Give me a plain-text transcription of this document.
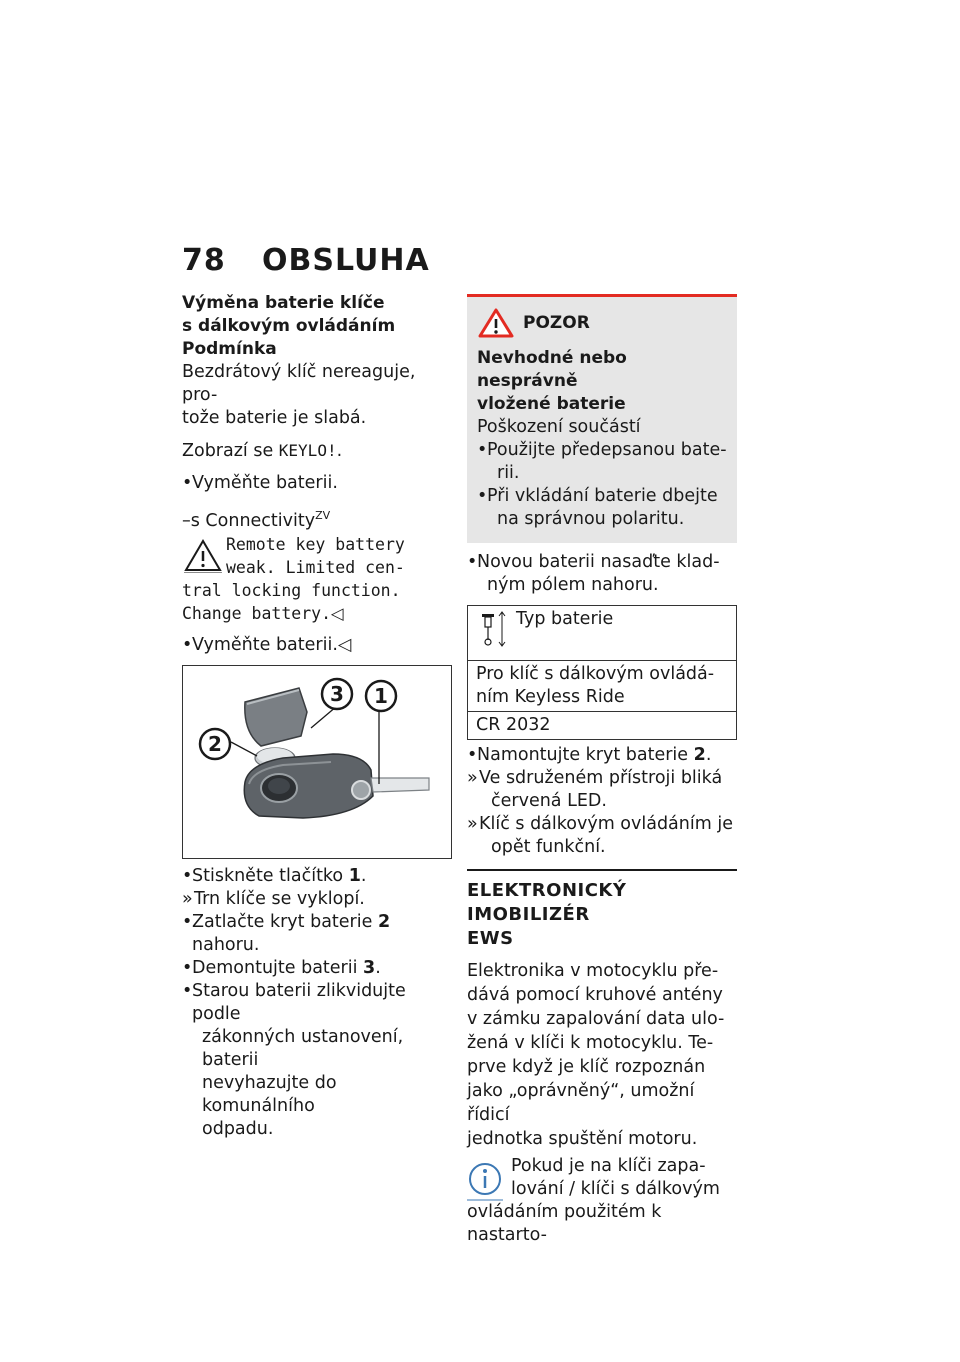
78 OBSLUHA

Výměna baterie klíče
s dálkovým ovládáním

Podmínka

Bezdrátový klíč nereaguje, pro-
tože baterie je slabá.

Zobrazí se KEYLO!.

• Vyměňte baterii.

–s Connectivity$^{ZV}$

Remote key battery
weak. Limited cen-
tral locking function.
Change battery.◁

• Vyměňte baterii.◁

3 1
2

• Stiskněte tlačítko 1.

» Trn klíče se vyklopí.

• Zatlačte kryt baterie 2 nahoru.

• Demontujte baterii 3.

• Starou baterii zlikvidujte podle
zákonných ustanovení, baterii
nevyhazujte do komunálního
odpadu.
POZOR

Nevhodné nebo nesprávně
vložené baterie

Poškození součástí

• Použijte předepsanou bate-
rii.
• Při vkládání baterie dbejte
na správnou polaritu.
• Novou baterii nasaďte klad-
ným pólem nahoru.
Typ baterie

Pro klíč s dálkovým ovládá-
ním Keyless Ride

CR 2032

• Namontujte kryt baterie 2.

» Ve sdruženém přístroji bliká
červená LED.
» Klíč s dálkovým ovládáním je
opět funkční.
ELEKTRONICKÝ IMOBILIZÉR
EWS
Elektronika v motocyklu pře-
dává pomocí kruhové antény
v zámku zapalování data ulo-
žená v klíči k motocyklu. Te-
prve když je klíč rozpoznán
jako „oprávněný“, umožní řídicí
jednotka spuštění motoru.
Pokud je na klíči zapa-
lování / klíči s dálkovým
ovládáním použitém k nastarto-
